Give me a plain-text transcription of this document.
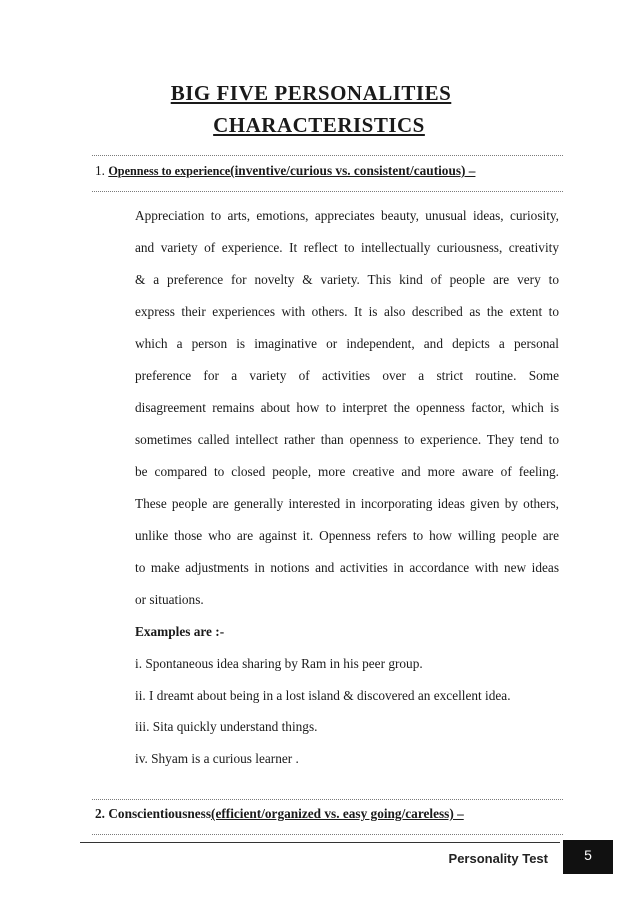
BIG FIVE PERSONALITIES
CHARACTERISTICS
1. Openness to experience(inventive/curious vs. consistent/cautious) –
Appreciation to arts, emotions, appreciates beauty, unusual ideas, curiosity,
and variety of experience. It reflect to intellectually curiousness, creativity
& a preference for novelty & variety. This kind of people are very to
express their experiences with others. It is also described as the extent to
which a person is imaginative or independent, and depicts a personal
preference for a variety of activities over a strict routine. Some
disagreement remains about how to interpret the openness factor, which is
sometimes called intellect rather than openness to experience. They tend to
be compared to closed people, more creative and more aware of feeling.
These people are generally interested in incorporating ideas given by others,
unlike those who are against it. Openness refers to how willing people are
to make adjustments in notions and activities in accordance with new ideas
or situations.
Examples are :-
i. Spontaneous idea sharing by Ram in his peer group.
ii. I dreamt about being in a lost island & discovered an excellent idea.
iii. Sita quickly understand things.
iv. Shyam is a curious learner .
2. Conscientiousness(efficient/organized vs. easy going/careless) –
Personality Test	5
